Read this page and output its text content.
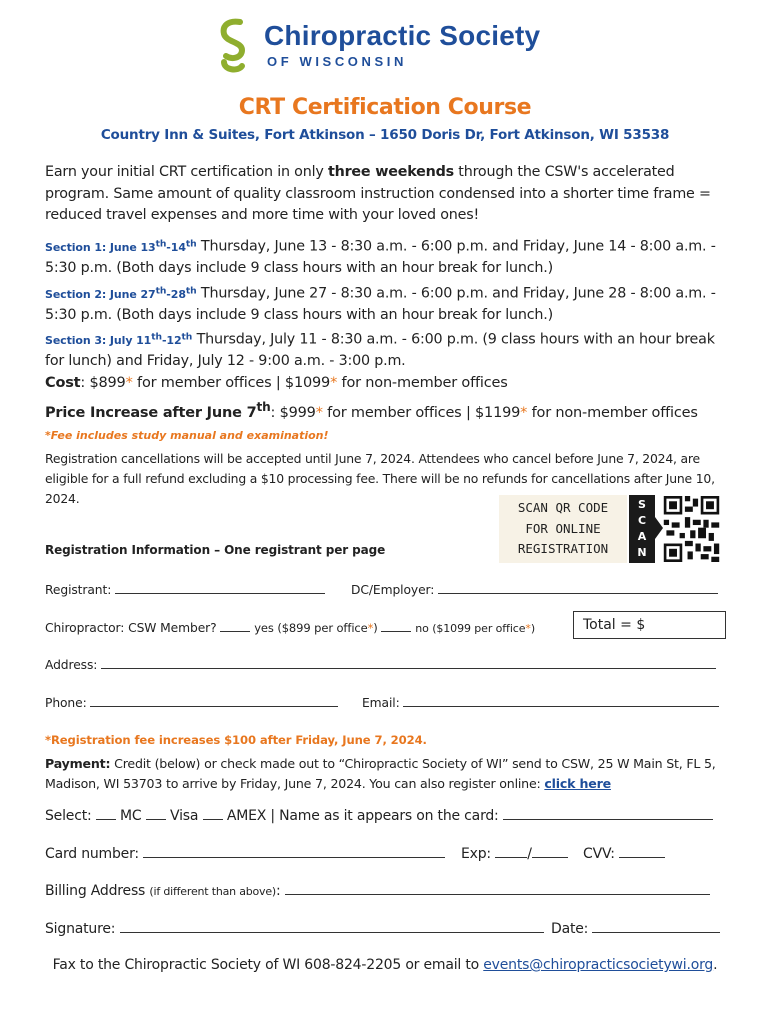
Chiropractic Society
OF WISCONSIN
CRT Certification Course
Country Inn & Suites, Fort Atkinson – 1650 Doris Dr, Fort Atkinson, WI 53538
Earn your initial CRT certification in only three weekends through the CSW's accelerated program. Same amount of quality classroom instruction condensed into a shorter time frame = reduced travel expenses and more time with your loved ones!
Section 1: June 13th-14th Thursday, June 13 - 8:30 a.m. - 6:00 p.m. and Friday, June 14 - 8:00 a.m. - 5:30 p.m. (Both days include 9 class hours with an hour break for lunch.)
Section 2: June 27th-28th Thursday, June 27 - 8:30 a.m. - 6:00 p.m. and Friday, June 28 - 8:00 a.m. - 5:30 p.m. (Both days include 9 class hours with an hour break for lunch.)
Section 3: July 11th-12th Thursday, July 11 - 8:30 a.m. - 6:00 p.m. (9 class hours with an hour break for lunch) and Friday, July 12 - 9:00 a.m. - 3:00 p.m.
Cost: $899* for member offices | $1099* for non-member offices
Price Increase after June 7th: $999* for member offices | $1199* for non-member offices
*Fee includes study manual and examination!
Registration cancellations will be accepted until June 7, 2024. Attendees who cancel before June 7, 2024, are eligible for a full refund excluding a $10 processing fee. There will be no refunds for cancellations after June 10, 2024.
SCAN QR CODE
FOR ONLINE
REGISTRATION
S
C
A
N
Registration Information – One registrant per page
Registrant:	DC/Employer:
Chiropractor: CSW Member?	yes ($899 per office*)	no ($1099 per office*)	Total = $
Address:
Phone:	Email:
*Registration fee increases $100 after Friday, June 7, 2024.
Payment: Credit (below) or check made out to “Chiropractic Society of WI” send to CSW, 25 W Main St, FL 5, Madison, WI 53703 to arrive by Friday, June 7, 2024. You can also register online: click here
Select: MC Visa AMEX | Name as it appears on the card:
Card number:	Exp:	/	CVV:
Billing Address (if different than above):
Signature:	Date:
Fax to the Chiropractic Society of WI 608-824-2205 or email to events@chiropracticsocietywi.org.
